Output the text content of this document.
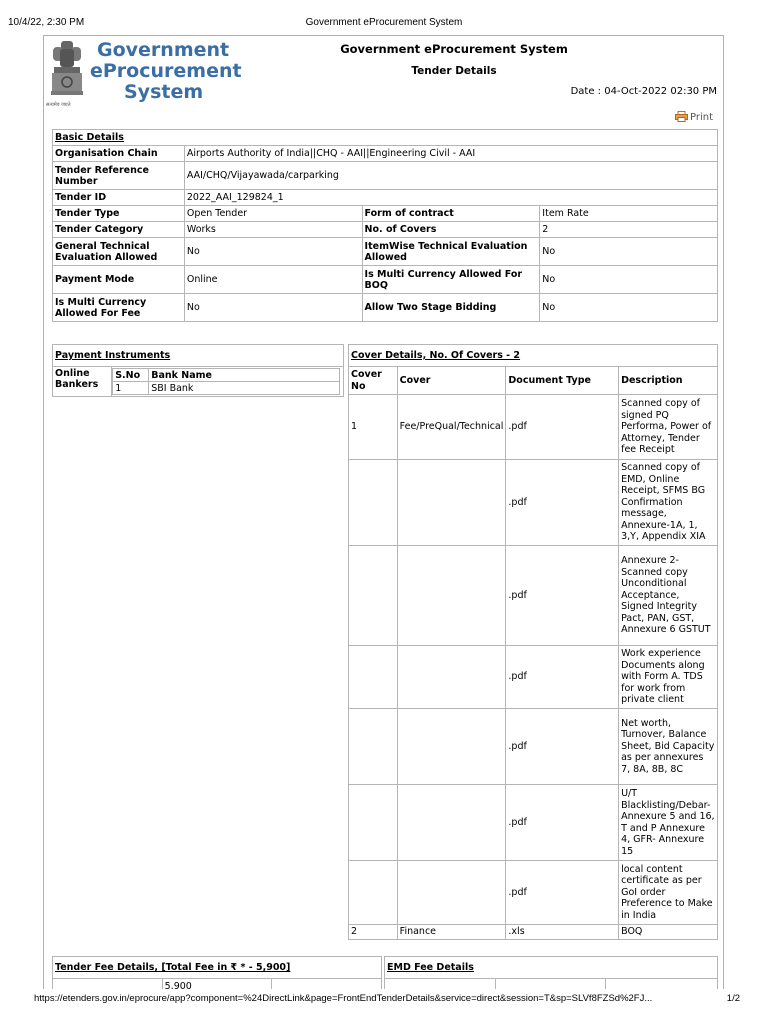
10/4/22, 2:30 PM	Government eProcurement System
सत्यमेव जयते
Government
eProcurement
System
Government eProcurement System
Tender Details
Date : 04-Oct-2022 02:30 PM
Print
Basic Details			
Organisation Chain	Airports Authority of India||CHQ - AAI||Engineering Civil - AAI		
Tender Reference Number	AAI/CHQ/Vijayawada/carparking		
Tender ID	2022_AAI_129824_1		
Tender Type	Open Tender	Form of contract	Item Rate
Tender Category	Works	No. of Covers	2
General Technical Evaluation Allowed	No	ItemWise Technical Evaluation Allowed	No
Payment Mode	Online	Is Multi Currency Allowed For BOQ	No
Is Multi Currency Allowed For Fee	No	Allow Two Stage Bidding	No
Payment Instruments
Online Bankers	
S.No	Bank Name
1	SBI Bank
Cover Details, No. Of Covers - 2			
Cover No	Cover	Document Type	Description
1	Fee/PreQual/Technical	.pdf	Scanned copy of signed PQ Performa, Power of Attorney, Tender fee Receipt
		.pdf	Scanned copy of EMD, Online Receipt, SFMS BG Confirmation message, Annexure-1A, 1, 3,Y, Appendix XIA
		.pdf	Annexure 2- Scanned copy Unconditional Acceptance, Signed Integrity Pact, PAN, GST, Annexure 6 GSTUT
		.pdf	Work experience Documents along with Form A. TDS for work from private client
		.pdf	Net worth, Turnover, Balance Sheet, Bid Capacity as per annexures 7, 8A, 8B, 8C
		.pdf	U/T Blacklisting/Debar- Annexure 5 and 16, T and P Annexure 4, GFR- Annexure 15
		.pdf	local content certificate as per GoI order Preference to Make in India
2	Finance	.xls	BOQ
Tender Fee Details, [Total Fee in ₹ * - 5,900]
	5,900	
EMD Fee Details

https://etenders.gov.in/eprocure/app?component=%24DirectLink&page=FrontEndTenderDetails&service=direct&session=T&sp=SLVf8FZSd%2FJ...	1/2
